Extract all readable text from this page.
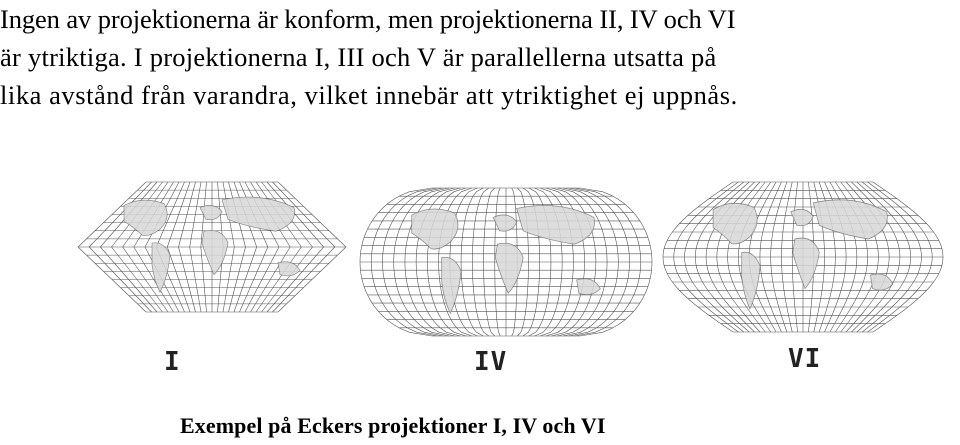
Ingen av projektionerna är konform, men projektionerna II, IV och VI
är ytriktiga. I projektionerna I, III och V är parallellerna utsatta på
lika avstånd från varandra, vilket innebär att ytriktighet ej uppnås.
I	IV	VI
Exempel på Eckers projektioner I, IV och VI
